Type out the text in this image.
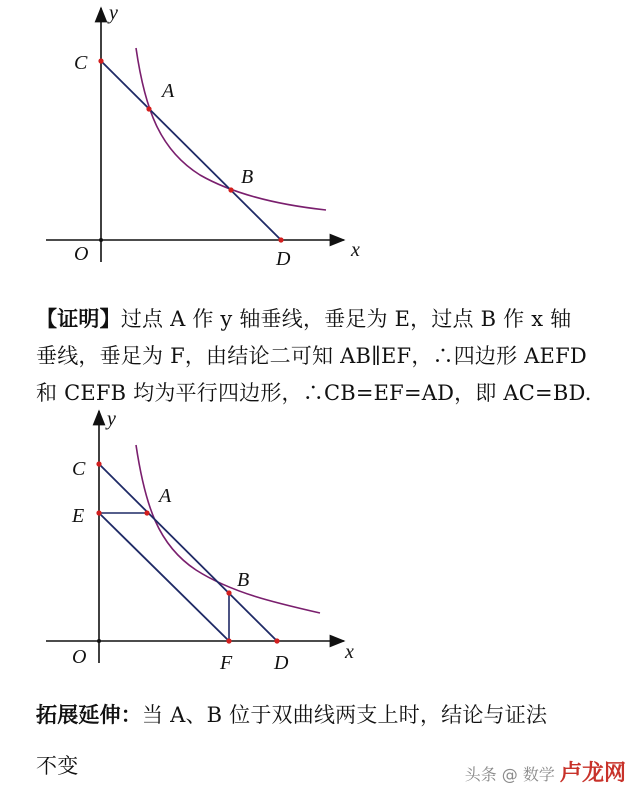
y
C
A
B
O	D	x
【证明】过点 A 作 y 轴垂线，垂足为 E，过点 B 作 x 轴
垂线，垂足为 F，由结论二可知 AB∥EF，∴四边形 AEFD
和 CEFB 均为平行四边形，∴CB=EF=AD，即 AC=BD.
y
C
A
E
B
O	F D	x
拓展延伸：当 A、B 位于双曲线两支上时，结论与证法
不变	头条 @ 数学 卢龙网
